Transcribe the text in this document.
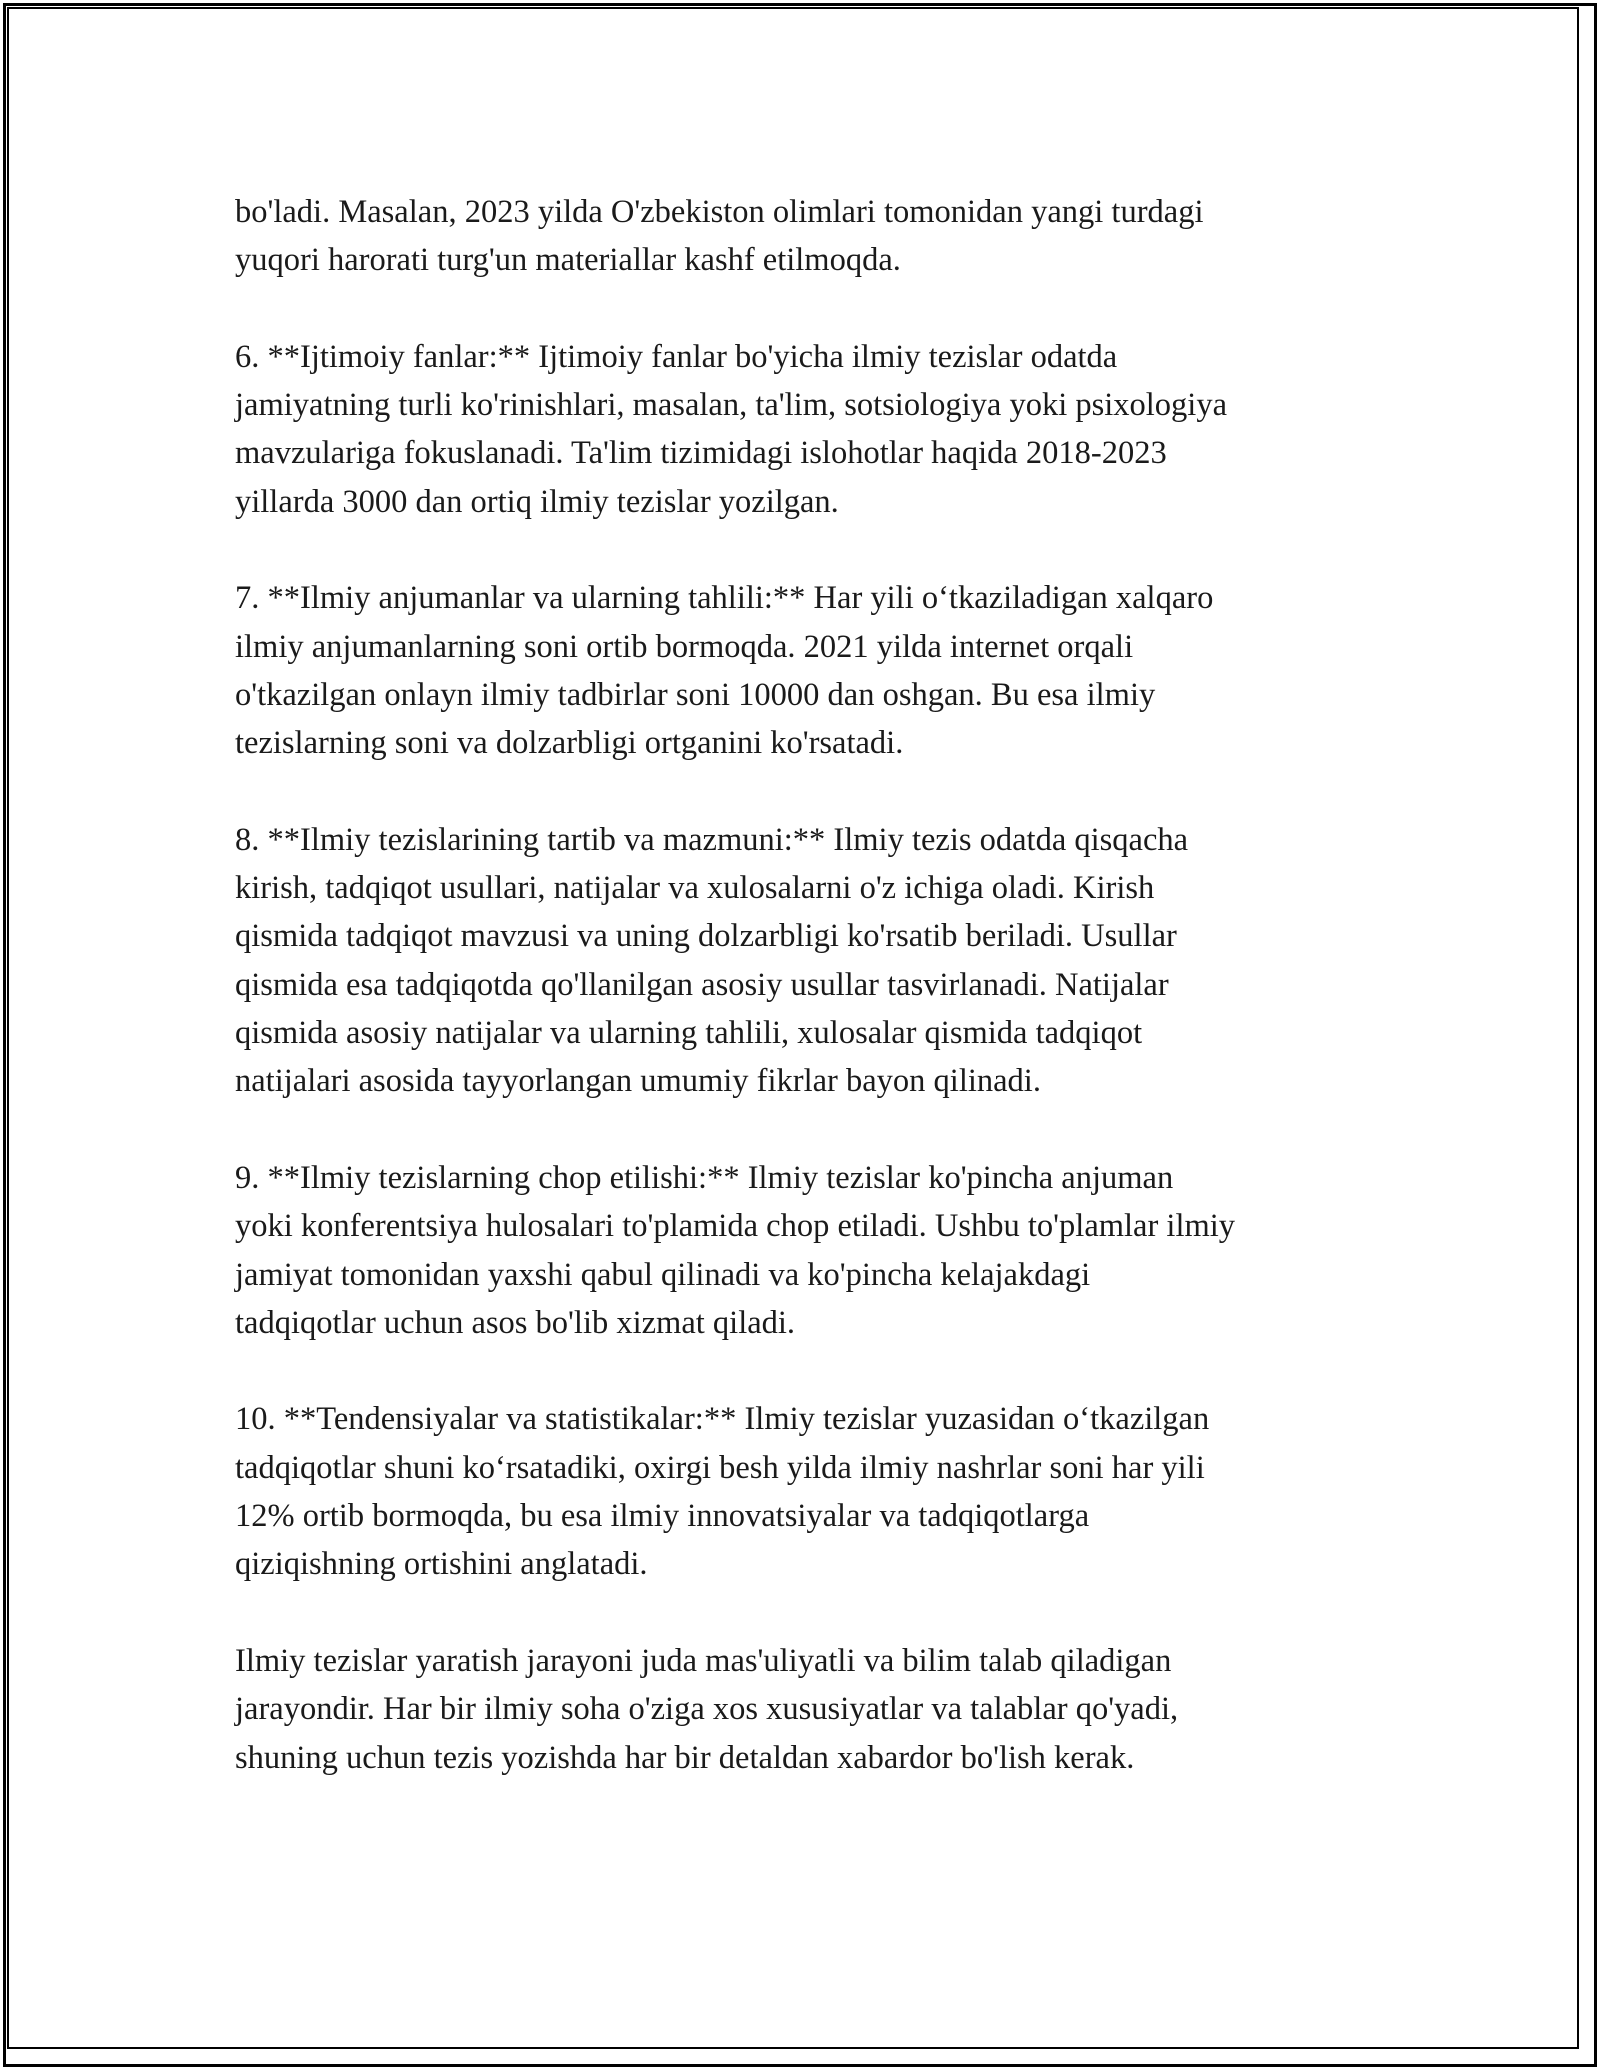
bo'ladi. Masalan, 2023 yilda O'zbekiston olimlari tomonidan yangi turdagi
yuqori harorati turg'un materiallar kashf etilmoqda.

6. **Ijtimoiy fanlar:** Ijtimoiy fanlar bo'yicha ilmiy tezislar odatda
jamiyatning turli ko'rinishlari, masalan, ta'lim, sotsiologiya yoki psixologiya
mavzulariga fokuslanadi. Ta'lim tizimidagi islohotlar haqida 2018-2023
yillarda 3000 dan ortiq ilmiy tezislar yozilgan.

7. **Ilmiy anjumanlar va ularning tahlili:** Har yili o‘tkaziladigan xalqaro
ilmiy anjumanlarning soni ortib bormoqda. 2021 yilda internet orqali
o'tkazilgan onlayn ilmiy tadbirlar soni 10000 dan oshgan. Bu esa ilmiy
tezislarning soni va dolzarbligi ortganini ko'rsatadi.

8. **Ilmiy tezislarining tartib va mazmuni:** Ilmiy tezis odatda qisqacha
kirish, tadqiqot usullari, natijalar va xulosalarni o'z ichiga oladi. Kirish
qismida tadqiqot mavzusi va uning dolzarbligi ko'rsatib beriladi. Usullar
qismida esa tadqiqotda qo'llanilgan asosiy usullar tasvirlanadi. Natijalar
qismida asosiy natijalar va ularning tahlili, xulosalar qismida tadqiqot
natijalari asosida tayyorlangan umumiy fikrlar bayon qilinadi.

9. **Ilmiy tezislarning chop etilishi:** Ilmiy tezislar ko'pincha anjuman
yoki konferentsiya hulosalari to'plamida chop etiladi. Ushbu to'plamlar ilmiy
jamiyat tomonidan yaxshi qabul qilinadi va ko'pincha kelajakdagi
tadqiqotlar uchun asos bo'lib xizmat qiladi.

10. **Tendensiyalar va statistikalar:** Ilmiy tezislar yuzasidan o‘tkazilgan
tadqiqotlar shuni ko‘rsatadiki, oxirgi besh yilda ilmiy nashrlar soni har yili
12% ortib bormoqda, bu esa ilmiy innovatsiyalar va tadqiqotlarga
qiziqishning ortishini anglatadi.

Ilmiy tezislar yaratish jarayoni juda mas'uliyatli va bilim talab qiladigan
jarayondir. Har bir ilmiy soha o'ziga xos xususiyatlar va talablar qo'yadi,
shuning uchun tezis yozishda har bir detaldan xabardor bo'lish kerak.
